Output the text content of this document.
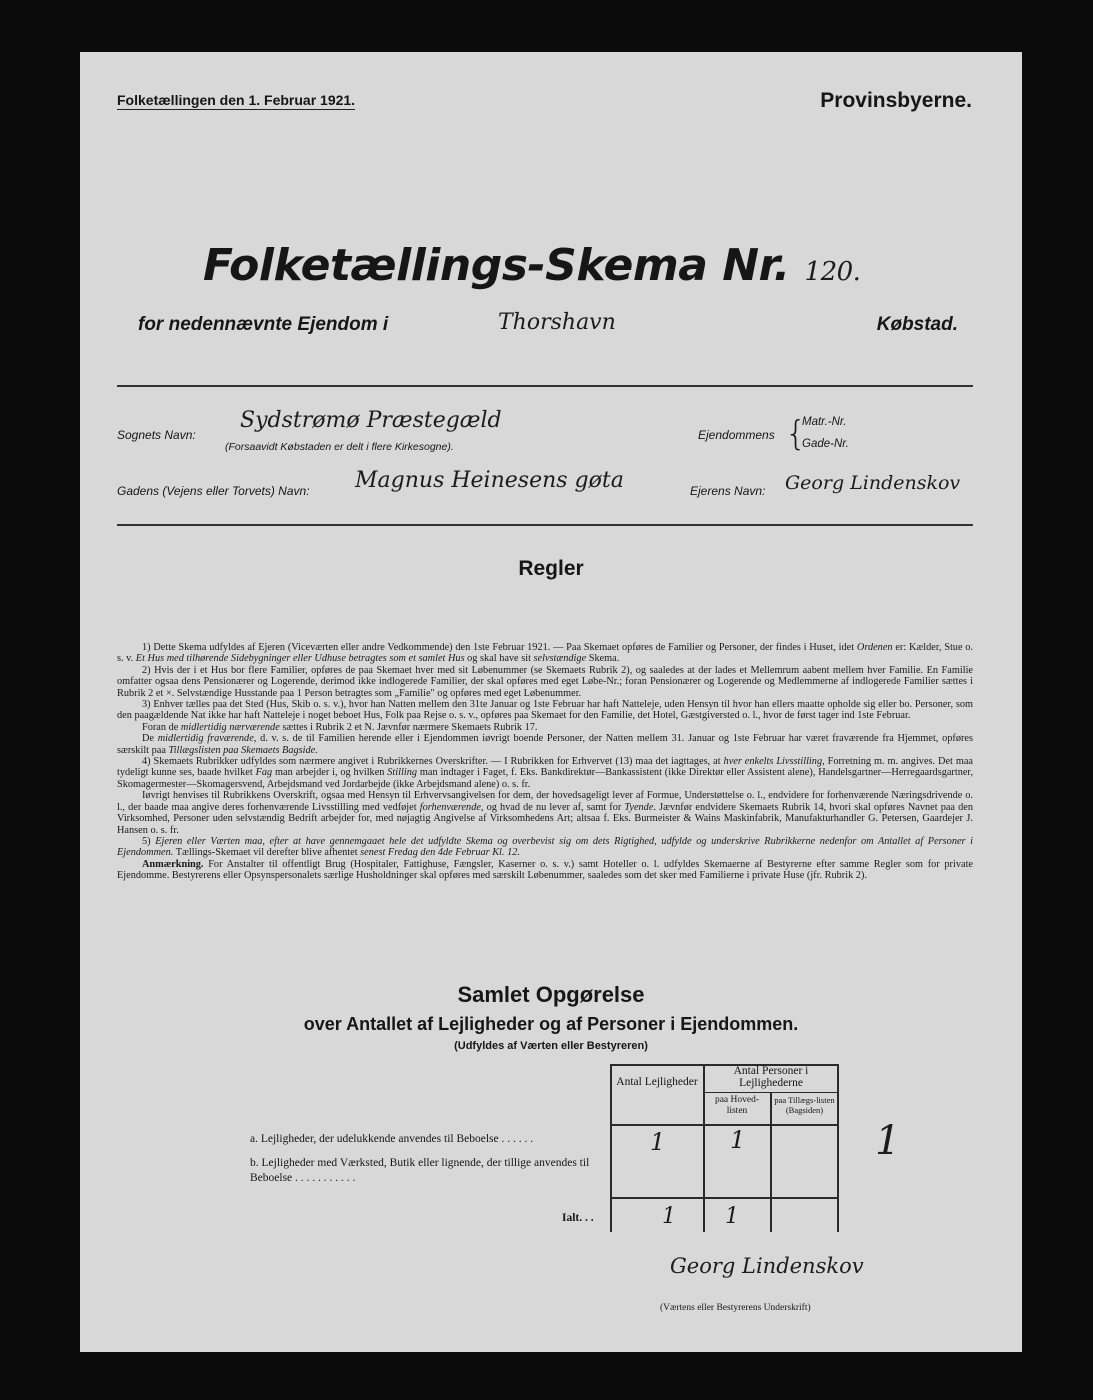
Folketællingen den 1. Februar 1921.	Provinsbyerne.
Folketællings-Skema Nr. 120.
for nedennævnte Ejendom i	Thorshavn	Købstad.
Sognets Navn:
Sydstrømø Præstegæld
(Forsaavidt Købstaden er delt i flere Kirkesogne).
Ejendommens {
Matr.-Nr.
Gade-Nr.
Gadens (Vejens eller Torvets) Navn: Magnus Heinesens gøta	Ejerens Navn: Georg Lindenskov
Regler

1) Dette Skema udfyldes af Ejeren (Viceværten eller andre Vedkommende) den 1ste Februar 1921. — Paa Skemaet opføres de Familier og Personer, der findes i Huset, idet Ordenen er: Kælder, Stue o. s. v. Et Hus med tilhørende Sidebygninger eller Udhuse betragtes som et samlet Hus og skal have sit selvstændige Skema.

2) Hvis der i et Hus bor flere Familier, opføres de paa Skemaet hver med sit Løbenummer (se Skemaets Rubrik 2), og saaledes at der lades et Mellemrum aabent mellem hver Familie. En Familie omfatter ogsaa dens Pensionærer og Logerende, derimod ikke indlogerede Familier, der skal opføres med eget Løbe-Nr.; foran Pensionærer og Logerende og Medlemmerne af indlogerede Familier sættes i Rubrik 2 et ×. Selvstændige Husstande paa 1 Person betragtes som „Familie" og opføres med eget Løbenummer.

3) Enhver tælles paa det Sted (Hus, Skib o. s. v.), hvor han Natten mellem den 31te Januar og 1ste Februar har haft Natteleje, uden Hensyn til hvor han ellers maatte opholde sig eller bo. Personer, som den paagældende Nat ikke har haft Natteleje i noget beboet Hus, Folk paa Rejse o. s. v., opføres paa Skemaet for den Familie, det Hotel, Gæstgiversted o. l., hvor de først tager ind 1ste Februar.

Foran de midlertidig nærværende sættes i Rubrik 2 et N. Jævnfør nærmere Skemaets Rubrik 17.

De midlertidig fraværende, d. v. s. de til Familien herende eller i Ejendommen iøvrigt boende Personer, der Natten mellem 31. Januar og 1ste Februar har været fraværende fra Hjemmet, opføres særskilt paa Tillægslisten paa Skemaets Bagside.

4) Skemaets Rubrikker udfyldes som nærmere angivet i Rubrikkernes Overskrifter. — I Rubrikken for Erhvervet (13) maa det iagttages, at hver enkelts Livsstilling, Forretning m. m. angives. Det maa tydeligt kunne ses, baade hvilket Fag man arbejder i, og hvilken Stilling man indtager i Faget, f. Eks. Bankdirektør—Bankassistent (ikke Direktør eller Assistent alene), Handelsgartner—Herregaardsgartner, Skomagermester—Skomagersvend, Arbejdsmand ved Jordarbejde (ikke Arbejdsmand alene) o. s. fr.

Iøvrigt henvises til Rubrikkens Overskrift, ogsaa med Hensyn til Erhvervsangivelsen for dem, der hovedsageligt lever af Formue, Understøttelse o. l., endvidere for forhenværende Næringsdrivende o. l., der baade maa angive deres forhenværende Livsstilling med vedføjet forhenværende, og hvad de nu lever af, samt for Tyende. Jævnfør endvidere Skemaets Rubrik 14, hvori skal opføres Navnet paa den Virksomhed, Personer uden selvstændig Bedrift arbejder for, med nøjagtig Angivelse af Virksomhedens Art; altsaa f. Eks. Burmeister & Wains Maskinfabrik, Manufakturhandler G. Petersen, Gaardejer J. Hansen o. s. fr.

5) Ejeren eller Værten maa, efter at have gennemgaaet hele det udfyldte Skema og overbevist sig om dets Rigtighed, udfylde og underskrive Rubrikkerne nedenfor om Antallet af Personer i Ejendommen. Tællings-Skemaet vil derefter blive afhentet senest Fredag den 4de Februar Kl. 12.

Anmærkning. For Anstalter til offentligt Brug (Hospitaler, Fattighuse, Fængsler, Kaserner o. s. v.) samt Hoteller o. l. udfyldes Skemaerne af Bestyrerne efter samme Regler som for private Ejendomme. Bestyrerens eller Opsynspersonalets særlige Husholdninger skal opføres med særskilt Løbenummer, saaledes som det sker med Familierne i private Huse (jfr. Rubrik 2).

Samlet Opgørelse
over Antallet af Lejligheder og af Personer i Ejendommen.
(Udfyldes af Værten eller Bestyreren)
Antal Lejligheder
Antal Personer i Lejlighederne
paa Hoved-listen
paa Tillægs-listen (Bagsiden)
a. Lejligheder, der udelukkende anvendes til Beboelse . . . . . .	1	1
b. Lejligheder med Værksted, Butik eller lignende, der tillige anvendes til Beboelse . . . . . . . . . . .
Ialt. . .	1 1
1
Georg Lindenskov
(Værtens eller Bestyrerens Underskrift)
